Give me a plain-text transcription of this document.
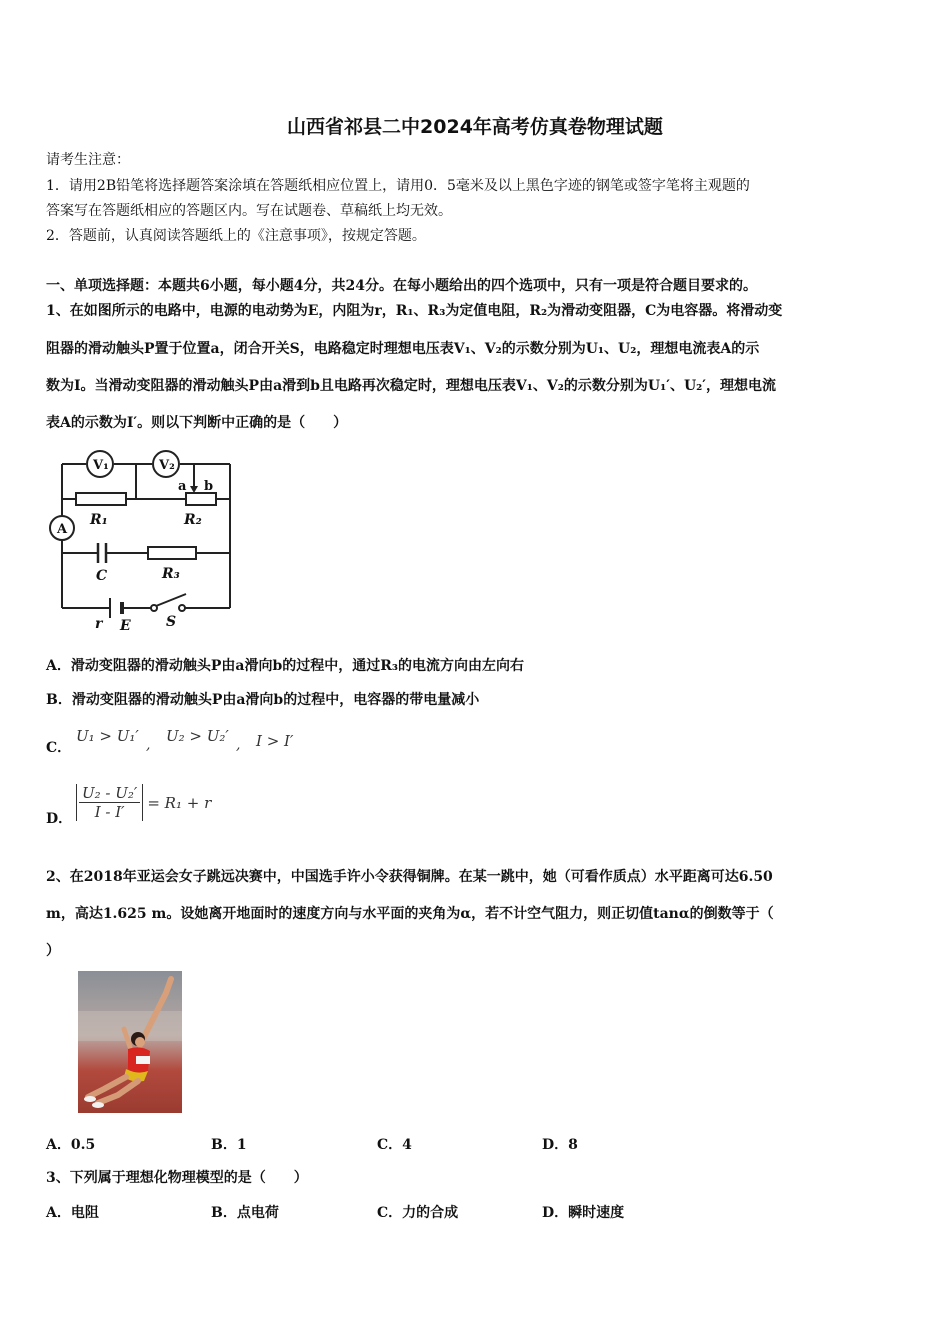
山西省祁县二中2024年高考仿真卷物理试题
请考生注意：
1．请用2B铅笔将选择题答案涂填在答题纸相应位置上，请用0．5毫米及以上黑色字迹的钢笔或签字笔将主观题的
答案写在答题纸相应的答题区内。写在试题卷、草稿纸上均无效。
2．答题前，认真阅读答题纸上的《注意事项》，按规定答题。
一、单项选择题：本题共6小题，每小题4分，共24分。在每小题给出的四个选项中，只有一项是符合题目要求的。
1、在如图所示的电路中，电源的电动势为E，内阻为r，R₁、R₃为定值电阻，R₂为滑动变阻器，C为电容器。将滑动变
阻器的滑动触头P置于位置a，闭合开关S，电路稳定时理想电压表V₁、V₂的示数分别为U₁、U₂，理想电流表A的示
数为I。当滑动变阻器的滑动触头P由a滑到b且电路再次稳定时，理想电压表V₁、V₂的示数分别为U₁′、U₂′，理想电流
表A的示数为I′。则以下判断中正确的是（　　）
V₁	V₂
A
a b
R₁	R₂
C	R₃
r E	S
A．滑动变阻器的滑动触头P由a滑向b的过程中，通过R₃的电流方向由左向右
B．滑动变阻器的滑动触头P由a滑向b的过程中，电容器的带电量减小
C．
U₁ > U₁′ , U₂ > U₂′ , I > I′
D． $\frac{\text{U₂ - U₂′}}{I - I'} = R_1 + r$
2、在2018年亚运会女子跳远决赛中，中国选手许小令获得铜牌。在某一跳中，她（可看作质点）水平距离可达6.50
m，高达1.625 m。设她离开地面时的速度方向与水平面的夹角为α，若不计空气阻力，则正切值tanα的倒数等于（
）
A．0.5	B．1	C．4	D．8
3、下列属于理想化物理模型的是（　　）
A．电阻	B．点电荷	C．力的合成	D．瞬时速度
